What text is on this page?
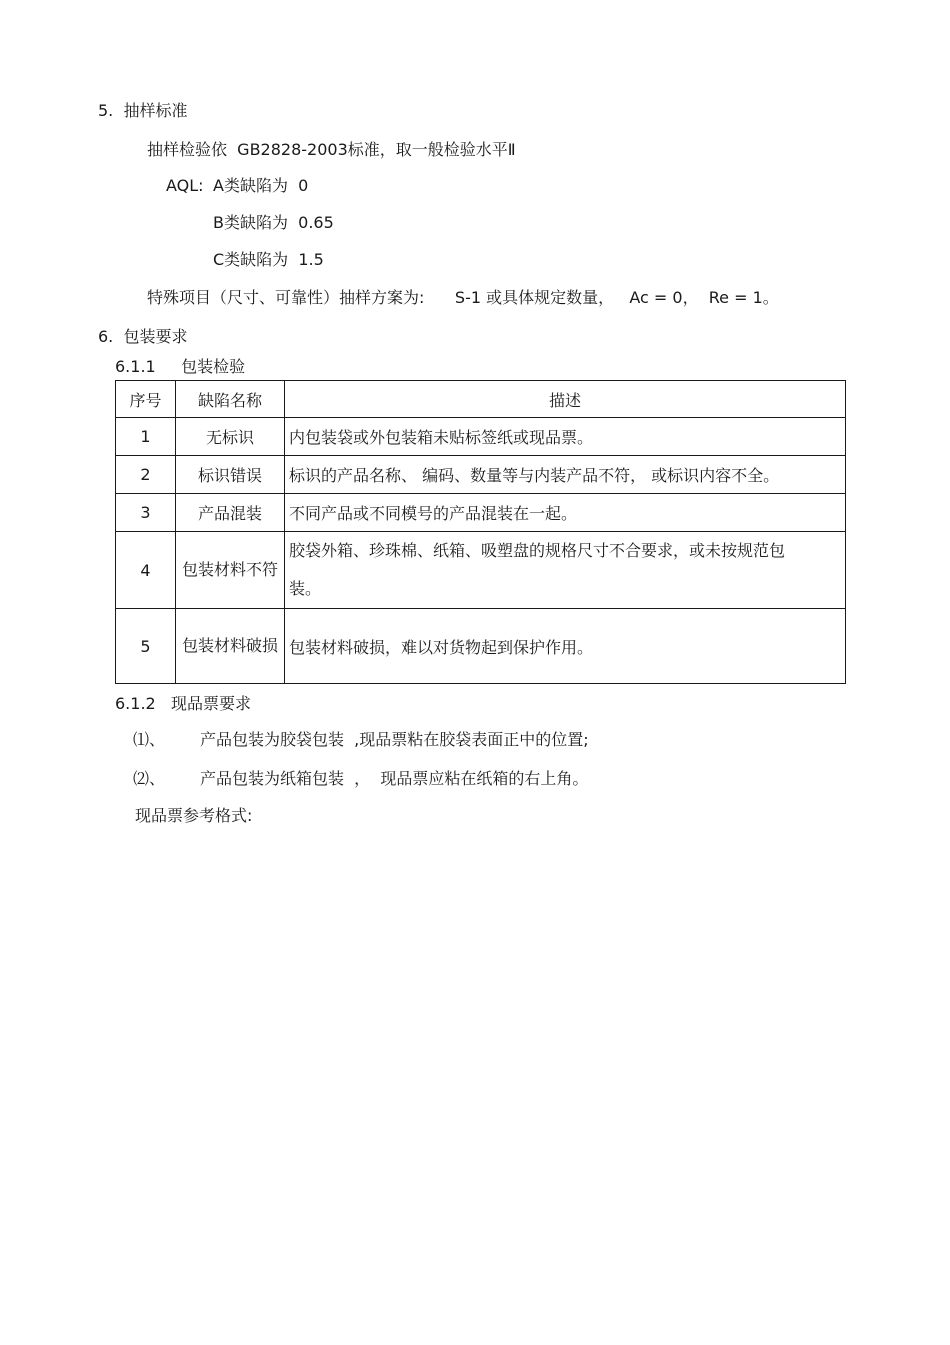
5.  抽样标准
抽样检验依  GB2828-2003标准，取一般检验水平Ⅱ
AQL: A类缺陷为  0
B类缺陷为  0.65
C类缺陷为  1.5
特殊项目（尺寸、可靠性）抽样方案为:      S-1 或具体规定数量，   Ac = 0，  Re = 1。
6.  包装要求
6.1.1     包装检验
序号	缺陷名称	描述
1	无标识	内包装袋或外包装箱未贴标签纸或现品票。
2	标识错误	标识的产品名称、 编码、数量等与内装产品不符， 或标识内容不全。
3	产品混装	不同产品或不同模号的产品混装在一起。
4	包装材料不符	胶袋外箱、珍珠棉、纸箱、吸塑盘的规格尺寸不合要求，或未按规范包装。
5	包装材料破损	包装材料破损，难以对货物起到保护作用。
6.1.2   现品票要求
⑴、 产品包装为胶袋包装  ,现品票粘在胶袋表面正中的位置;
⑵、 产品包装为纸箱包装  ，  现品票应粘在纸箱的右上角。
现品票参考格式:
